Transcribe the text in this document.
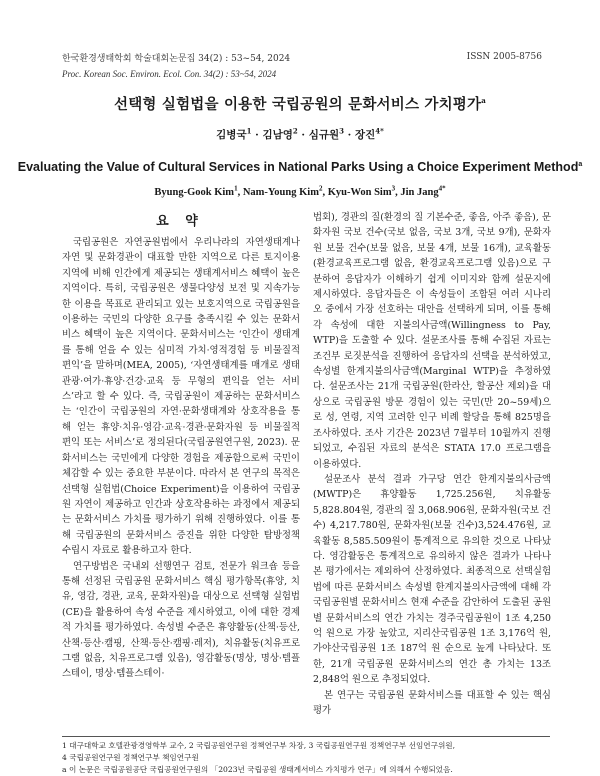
한국환경생태학회 학술대회논문집 34(2) : 53~54, 2024
Proc. Korean Soc. Environ. Ecol. Con. 34(2) : 53~54, 2024
ISSN 2005-8756
선택형 실험법을 이용한 국립공원의 문화서비스 가치평가$^a$
김병국$^1$ · 김남영$^2$ · 심규원$^3$ · 장진$^{4*}$
Evaluating the Value of Cultural Services in National Parks Using a Choice Experiment Method$^a$
Byung-Gook Kim$^1$, Nam-Young Kim$^2$, Kyu-Won Sim$^3$, Jin Jang$^{4*}$
요 약

국립공원은 자연공원법에서 우리나라의 자연생태계나 자연 및 문화경관이 대표할 만한 지역으로 다른 토지이용 지역에 비해 인간에게 제공되는 생태계서비스 혜택이 높은 지역이다. 특히, 국립공원은 생물다양성 보전 및 지속가능한 이용을 목표로 관리되고 있는 보호지역으로 국립공원을 이용하는 국민의 다양한 요구를 충족시킬 수 있는 문화서비스 혜택이 높은 지역이다. 문화서비스는 ‘인간이 생태계를 통해 얻을 수 있는 심미적 가치·영적경험 등 비물질적 편익’을 말하며(MEA, 2005), ‘자연생태계를 매개로 생태관광·여가·휴양·건강·교육 등 무형의 편익을 얻는 서비스’라고 할 수 있다. 즉, 국립공원이 제공하는 문화서비스는 ‘인간이 국립공원의 자연·문화생태계와 상호작용을 통해 얻는 휴양·치유·영감·교육·경관·문화자원 등 비물질적 편익 또는 서비스’로 정의된다(국립공원연구원, 2023). 문화서비스는 국민에게 다양한 경험을 제공함으로써 국민이 체감할 수 있는 중요한 부분이다. 따라서 본 연구의 목적은 선택형 실험법(Choice Experiment)을 이용하여 국립공원 자연이 제공하고 인간과 상호작용하는 과정에서 제공되는 문화서비스 가치를 평가하기 위해 진행하였다. 이를 통해 국립공원의 문화서비스 증진을 위한 다양한 탐방정책 수립시 자료로 활용하고자 한다.

연구방법은 국내외 선행연구 검토, 전문가 워크숍 등을 통해 선정된 국립공원 문화서비스 핵심 평가항목(휴양, 치유, 영감, 경관, 교육, 문화자원)을 대상으로 선택형 실험법(CE)을 활용하여 속성 수준을 제시하였고, 이에 대한 경제적 가치를 평가하였다. 속성별 수준은 휴양활동(산책·등산, 산책·등산·캠핑, 산책·등산·캠핑·레저), 치유활동(치유프로그램 없음, 치유프로그램 있음), 영감활동(명상, 명상·템플스테이, 명상·템플스테이·

법회), 경관의 질(환경의 질 기본수준, 좋음, 아주 좋음), 문화자원 국보 건수(국보 없음, 국보 3개, 국보 9개), 문화자원 보물 건수(보물 없음, 보물 4개, 보물 16개), 교육활동(환경교육프로그램 없음, 환경교육프로그램 있음)으로 구분하여 응답자가 이해하기 쉽게 이미지와 함께 설문지에 제시하였다. 응답자들은 이 속성들이 조합된 여러 시나리오 중에서 가장 선호하는 대안을 선택하게 되며, 이를 통해 각 속성에 대한 지불의사금액(Willingness to Pay, WTP)을 도출할 수 있다. 설문조사를 통해 수집된 자료는 조건부 로짓분석을 진행하여 응답자의 선택을 분석하였고, 속성별 한계지불의사금액(Marginal WTP)을 추정하였다. 설문조사는 21개 국립공원(한라산, 할공산 제외)을 대상으로 국립공원 방문 경험이 있는 국민(만 20~59세)으로 성, 연령, 지역 고려한 인구 비례 할당을 통해 825명을 조사하였다. 조사 기간은 2023년 7월부터 10월까지 진행되었고, 수집된 자료의 분석은 STATA 17.0 프로그램을 이용하였다.

설문조사 분석 결과 가구당 연간 한계지불의사금액(MWTP)은 휴양활동 1,725.256원, 치유활동 5,828.804원, 경관의 질 3,068.906원, 문화자원(국보 건수) 4,217.780원, 문화자원(보물 건수)3,524.476원, 교육활동 8,585.509원이 통계적으로 유의한 것으로 나타났다. 영감활동은 통계적으로 유의하지 않은 결과가 나타나 본 평가에서는 제외하여 산정하였다. 최종적으로 선택실험법에 따른 문화서비스 속성별 한계지불의사금액에 대해 각 국립공원별 문화서비스 현재 수준을 감안하여 도출된 공원별 문화서비스의 연간 가치는 경주국립공원이 1조 4,250억 원으로 가장 높았고, 지리산국립공원 1조 3,176억 원, 가야산국립공원 1조 187억 원 순으로 높게 나타났다. 또한, 21개 국립공원 문화서비스의 연간 총 가치는 13조 2,848억 원으로 추정되었다.

본 연구는 국립공원 문화서비스를 대표할 수 있는 핵심 평가

1 대구대학교 호텔관광경영학부 교수, 2 국립공원연구원 정책연구부 차장, 3 국립공원연구원 정책연구부 선임연구위원,
4 국립공원연구원 정책연구부 책임연구원
a 이 논문은 국립공원공단 국립공원연구원의 「2023년 국립공원 생태계서비스 가치평가 연구」에 의해서 수행되었음.
